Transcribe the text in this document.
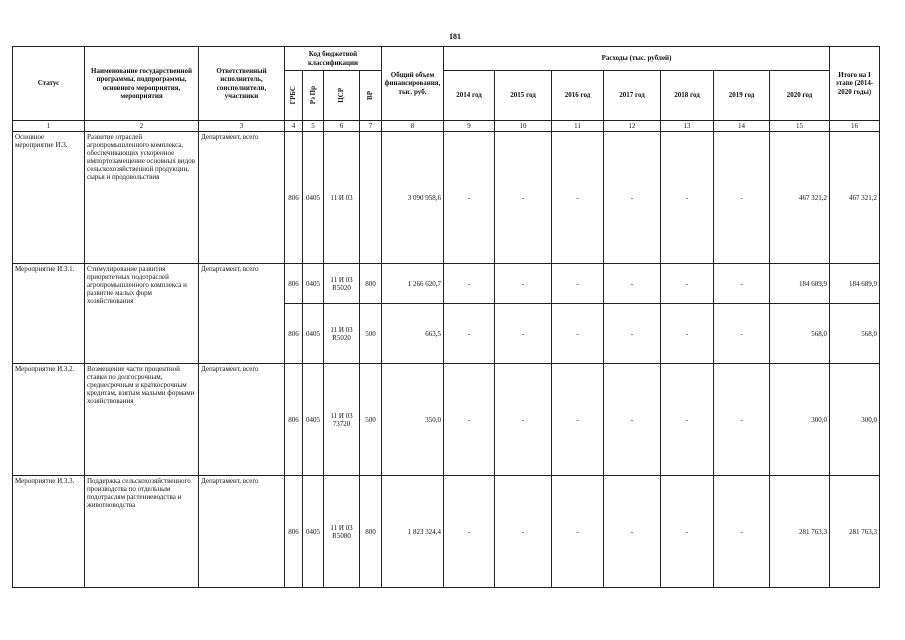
181
Статус	Наименование государственной программы, подпрограммы, основного мероприятия, мероприятия	Ответственный исполнитель, соисполнители, участники	Код бюджетной классификации				Общий объем финансирования, тыс. руб.	Расходы (тыс. рублей)							Итого на I этапе (2014-2020 годы)

			ГРБС	Рз Пр	ЦСР	ВР		2014 год	2015 год	2016 год	2017 год	2018 год	2019 год	2020 год	
1	2	3	4	5	6	7	8	9	10	11	12	13	14	15	16
Основное мероприятие И.3.	Развитие отраслей агропромышленного комплекса, обеспечивающих ускоренное импортозамещение основных видов сельскохозяйственной продукции, сырья и продовольствия	Департамент, всего	806	0405	11 И 03		3 090 958,6	-	-	-	-	-	-	467 321,2	467 321,2
Мероприятие И.3.1.	Стимулирование развития приоритетных подотраслей агропромышленного комплекса и развитие малых форм хозяйствования	Департамент, всего	806	0405	11 И 03 R5020	800	1 266 620,7	-	-	-	-	-	-	184 689,9	184 689,9
			806	0405	11 И 03 R5020	500	663,5	-	-	-	-	-	-	568,0	568,0
Мероприятие И.3.2.	Возмещение части процентной ставки по долгосрочным, среднесрочным и краткосрочным кредитам, взятым малыми формами хозяйствования	Департамент, всего	806	0405	11 И 03 73720	500	350,0	-	-	-	-	-	-	300,0	300,0
Мероприятие И.3.3.	Поддержка сельскохозяйственного производства по отдельным подотраслям растениеводства и животноводства	Департамент, всего	806	0405	11 И 03 R5080	800	1 823 324,4	-	-	-	-	-	-	281 763,3	281 763,3
